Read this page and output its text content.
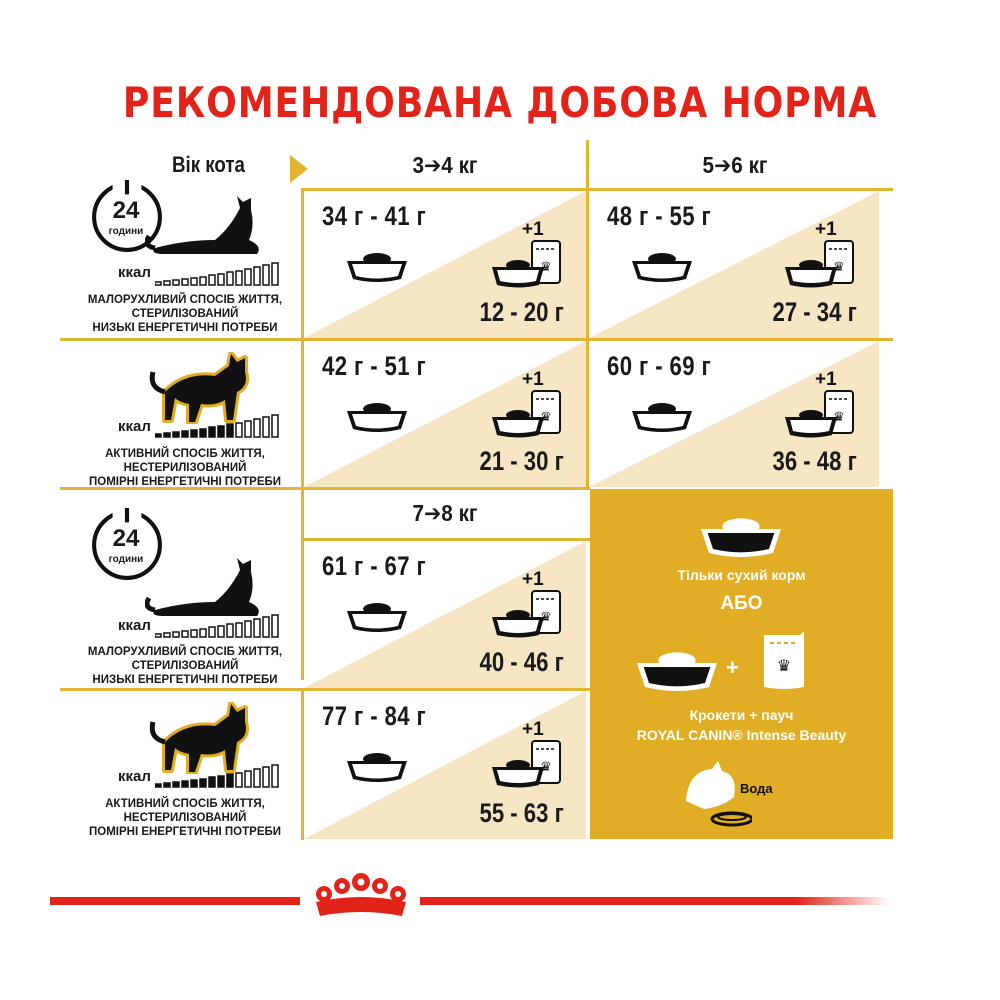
РЕКОМЕНДОВАНА ДОБОВА НОРМА
Вік кота	3➔4 кг	5➔6 кг
7➔8 кг
24
години
ккал
МАЛОРУХЛИВИЙ СПОСІБ ЖИТТЯ,
СТЕРИЛІЗОВАНИЙ
НИЗЬКІ ЕНЕРГЕТИЧНІ ПОТРЕБИ
ккал
АКТИВНИЙ СПОСІБ ЖИТТЯ,
НЕСТЕРИЛІЗОВАНИЙ
ПОМІРНІ ЕНЕРГЕТИЧНІ ПОТРЕБИ
24
години
ккал
МАЛОРУХЛИВИЙ СПОСІБ ЖИТТЯ,
СТЕРИЛІЗОВАНИЙ
НИЗЬКІ ЕНЕРГЕТИЧНІ ПОТРЕБИ
ккал
АКТИВНИЙ СПОСІБ ЖИТТЯ,
НЕСТЕРИЛІЗОВАНИЙ
ПОМІРНІ ЕНЕРГЕТИЧНІ ПОТРЕБИ
34 г - 41 г
12 - 20 г
48 г - 55 г
27 - 34 г
42 г - 51 г
21 - 30 г
60 г - 69 г
36 - 48 г
61 г - 67 г
40 - 46 г
77 г - 84 г
55 - 63 г
Тільки сухий корм
АБО
+ ♛
Крокети + пауч
ROYAL CANIN® Intense Beauty
Вода
